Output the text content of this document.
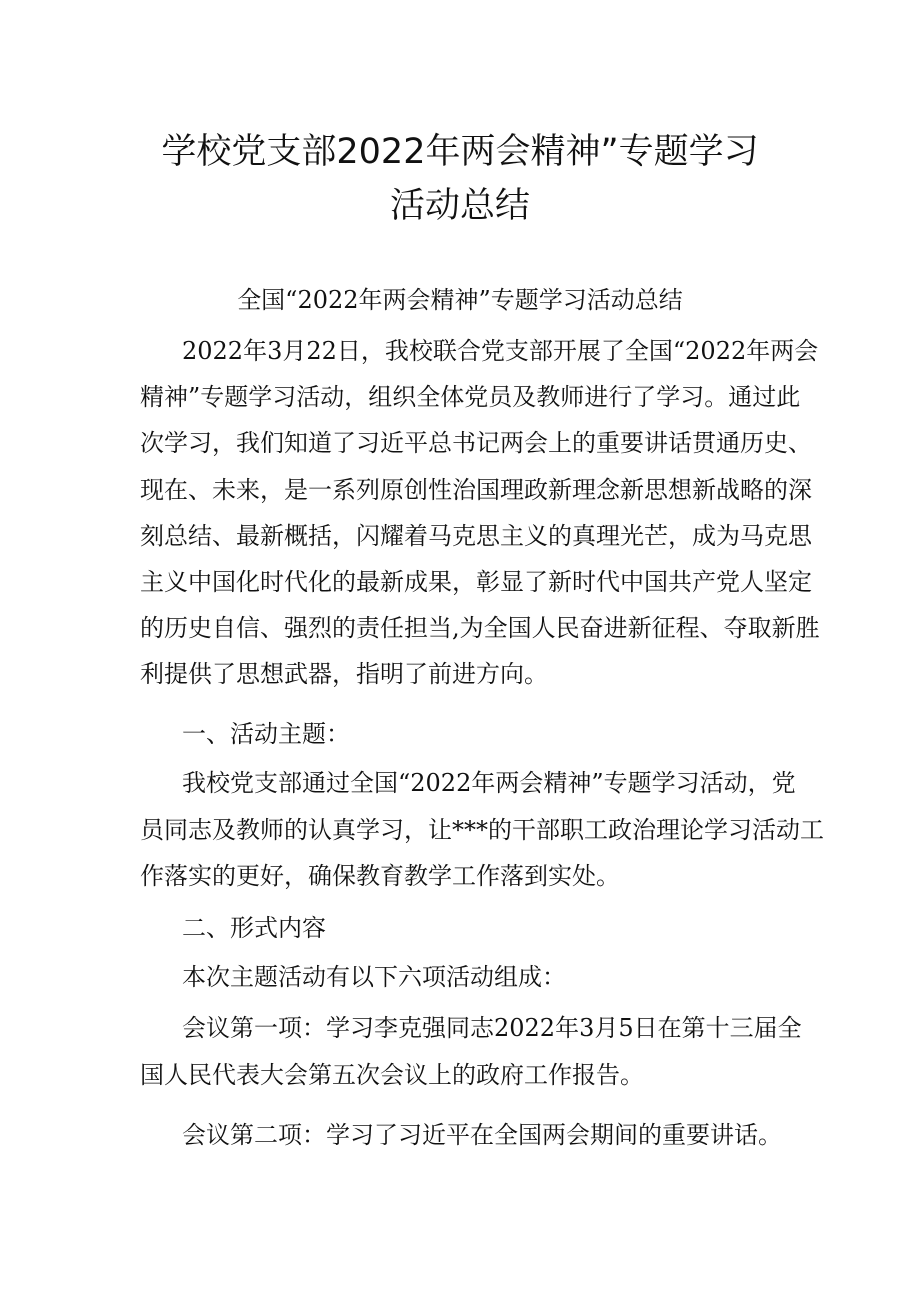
学校党支部2022年两会精神”专题学习
活动总结

全国“2022年两会精神”专题学习活动总结

2022年3月22日，我校联合党支部开展了全国“2022年两会

精神”专题学习活动，组织全体党员及教师进行了学习。通过此

次学习，我们知道了习近平总书记两会上的重要讲话贯通历史、

现在、未来，是一系列原创性治国理政新理念新思想新战略的深

刻总结、最新概括，闪耀着马克思主义的真理光芒，成为马克思

主义中国化时代化的最新成果，彰显了新时代中国共产党人坚定

的历史自信、强烈的责任担当,为全国人民奋进新征程、夺取新胜

利提供了思想武器，指明了前进方向。

一、活动主题：

我校党支部通过全国“2022年两会精神”专题学习活动，党

员同志及教师的认真学习，让***的干部职工政治理论学习活动工

作落实的更好，确保教育教学工作落到实处。

二、形式内容

本次主题活动有以下六项活动组成：

会议第一项：学习李克强同志2022年3月5日在第十三届全

国人民代表大会第五次会议上的政府工作报告。

会议第二项：学习了习近平在全国两会期间的重要讲话。
